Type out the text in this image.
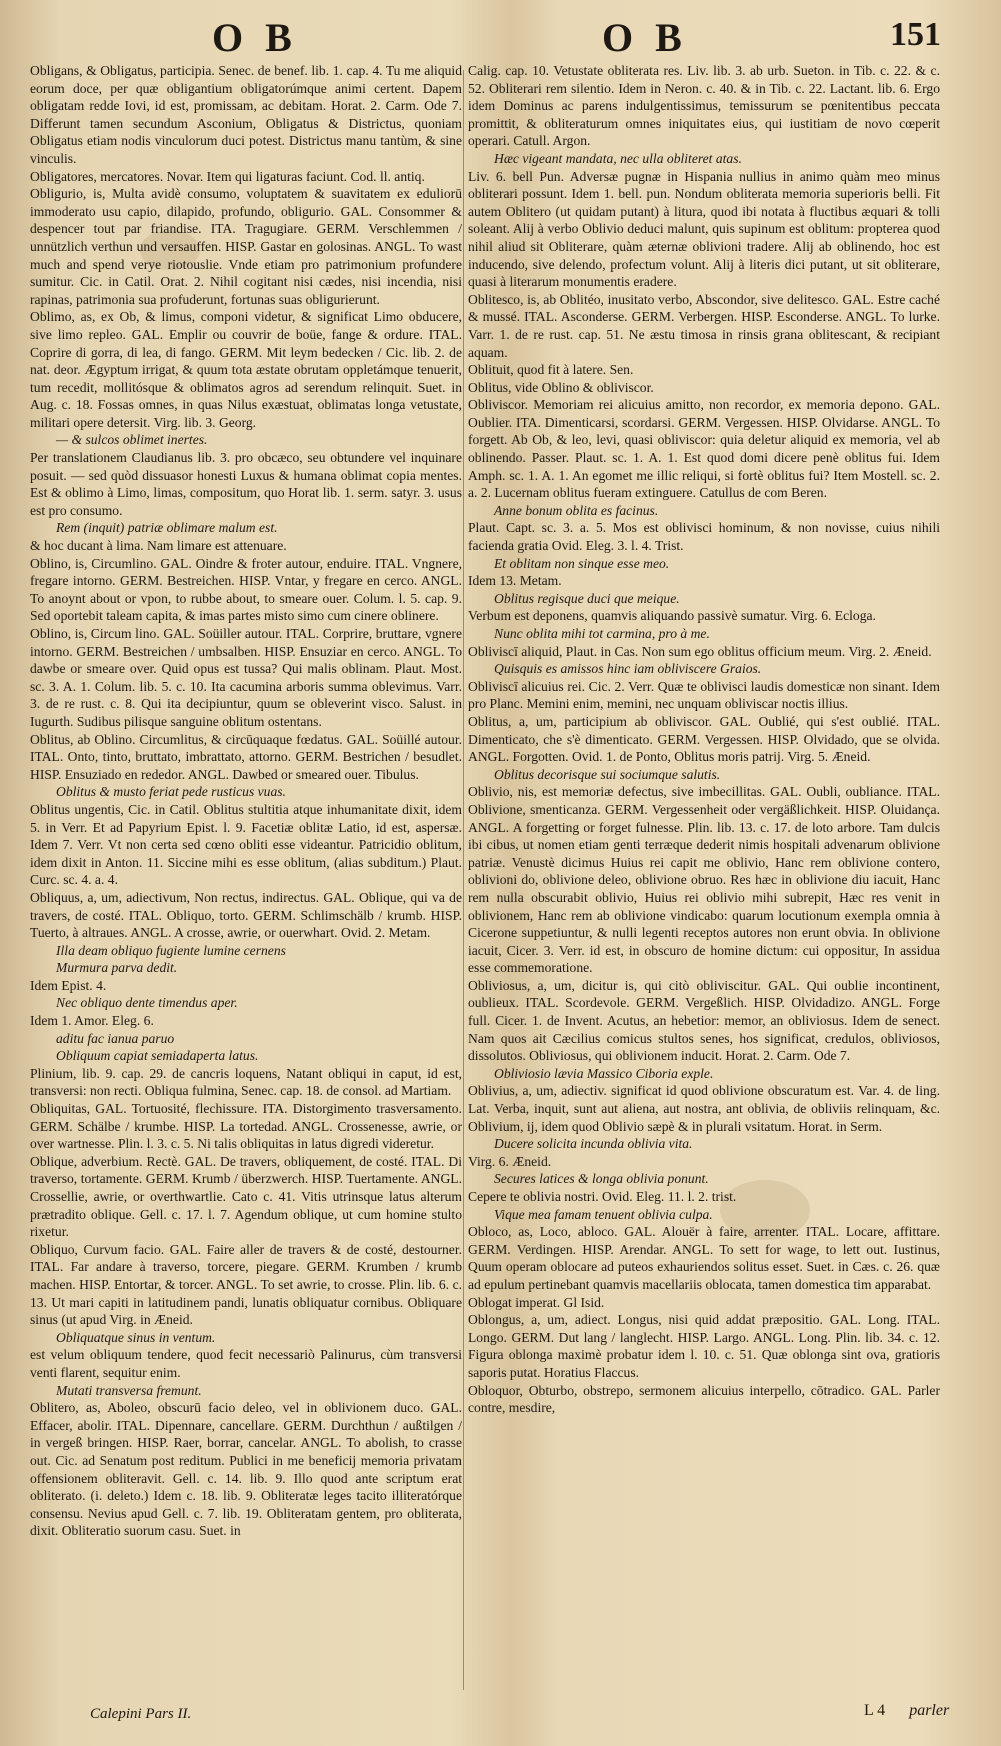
O B	O B	151

Obligans, & Obligatus, participia. Senec. de benef. lib. 1. cap. 4. Tu me aliquid eorum doce, per quæ obligantium obligatorúmque animi certent. Dapem obligatam redde Iovi, id est, promissam, ac debitam. Horat. 2. Carm. Ode 7. Differunt tamen secundum Asconium, Obligatus & Districtus, quoniam Obligatus etiam nodis vinculorum duci potest. Districtus manu tantùm, & sine vinculis.

Obligatores, mercatores. Novar. Item qui ligaturas faciunt. Cod. ll. antiq.

Obligurio, is, Multa avidè consumo, voluptatem & suavitatem ex eduliorū immoderato usu capio, dilapido, profundo, obligurio. GAL. Consommer & despencer tout par friandise. ITA. Tragugiare. GERM. Verschlemmen / unnützlich verthun und versauffen. HISP. Gastar en golosinas. ANGL. To wast much and spend verye riotouslie. Vnde etiam pro patrimonium profundere sumitur. Cic. in Catil. Orat. 2. Nihil cogitant nisi cædes, nisi incendia, nisi rapinas, patrimonia sua profuderunt, fortunas suas obligurierunt.

Oblimo, as, ex Ob, & limus, componi videtur, & significat Limo obducere, sive limo repleo. GAL. Emplir ou couvrir de boüe, fange & ordure. ITAL. Coprire di gorra, di lea, di fango. GERM. Mit leym bedecken / Cic. lib. 2. de nat. deor. Ægyptum irrigat, & quum tota æstate obrutam oppletámque tenuerit, tum recedit, mollitósque & oblimatos agros ad serendum relinquit. Suet. in Aug. c. 18. Fossas omnes, in quas Nilus exæstuat, oblimatas longa vetustate, militari opere detersit. Virg. lib. 3. Georg.

— & sulcos oblimet inertes.

Per translationem Claudianus lib. 3. pro obcæco, seu obtundere vel inquinare posuit. — sed quòd dissuasor honesti Luxus & humana oblimat copia mentes. Est & oblimo à Limo, limas, compositum, quo Horat lib. 1. serm. satyr. 3. usus est pro consumo.

Rem (inquit) patriæ oblimare malum est.

& hoc ducant à lima. Nam limare est attenuare.

Oblino, is, Circumlino. GAL. Oindre & froter autour, enduire. ITAL. Vngnere, fregare intorno. GERM. Bestreichen. HISP. Vntar, y fregare en cerco. ANGL. To anoynt about or vpon, to rubbe about, to smeare ouer. Colum. l. 5. cap. 9. Sed oportebit taleam capita, & imas partes misto simo cum cinere oblinere.

Oblino, is, Circum lino. GAL. Soüiller autour. ITAL. Corprire, bruttare, vgnere intorno. GERM. Bestreichen / umbsalben. HISP. Ensuziar en cerco. ANGL. To dawbe or smeare over. Quid opus est tussa? Qui malis oblinam. Plaut. Most. sc. 3. A. 1. Colum. lib. 5. c. 10. Ita cacumina arboris summa oblevimus. Varr. 3. de re rust. c. 8. Qui ita decipiuntur, quum se obleverint visco. Salust. in Iugurth. Sudibus pilisque sanguine oblitum ostentans.

Oblitus, ab Oblino. Circumlitus, & circūquaque fœdatus. GAL. Soüillé autour. ITAL. Onto, tinto, bruttato, imbrattato, attorno. GERM. Bestrichen / besudlet. HISP. Ensuziado en rededor. ANGL. Dawbed or smeared ouer. Tibulus.

Oblitus & musto feriat pede rusticus vuas.

Oblitus ungentis, Cic. in Catil. Oblitus stultitia atque inhumanitate dixit, idem 5. in Verr. Et ad Papyrium Epist. l. 9. Facetiæ oblitæ Latio, id est, aspersæ. Idem 7. Verr. Vt non certa sed cœno obliti esse videantur. Patricidio oblitum, idem dixit in Anton. 11. Siccine mihi es esse oblitum, (alias subditum.) Plaut. Curc. sc. 4. a. 4.

Obliquus, a, um, adiectivum, Non rectus, indirectus. GAL. Oblique, qui va de travers, de costé. ITAL. Obliquo, torto. GERM. Schlimschälb / krumb. HISP. Tuerto, à altraues. ANGL. A crosse, awrie, or ouerwhart. Ovid. 2. Metam.

Illa deam obliquo fugiente lumine cernens

Murmura parva dedit.

Idem Epist. 4.

Nec obliquo dente timendus aper.

Idem 1. Amor. Eleg. 6.

aditu fac ianua paruo

Obliquum capiat semiadaperta latus.

Plinium, lib. 9. cap. 29. de cancris loquens, Natant obliqui in caput, id est, transversi: non recti. Obliqua fulmina, Senec. cap. 18. de consol. ad Martiam.

Obliquitas, GAL. Tortuosité, flechissure. ITA. Distorgimento trasversamento. GERM. Schälbe / krumbe. HISP. La tortedad. ANGL. Crossenesse, awrie, or over wartnesse. Plin. l. 3. c. 5. Ni talis obliquitas in latus digredi videretur.

Oblique, adverbium. Rectè. GAL. De travers, obliquement, de costé. ITAL. Di traverso, tortamente. GERM. Krumb / überzwerch. HISP. Tuertamente. ANGL. Crossellie, awrie, or overthwartlie. Cato c. 41. Vitis utrinsque latus alterum prætradito oblique. Gell. c. 17. l. 7. Agendum oblique, ut cum homine stulto rixetur.

Obliquo, Curvum facio. GAL. Faire aller de travers & de costé, destourner. ITAL. Far andare à traverso, torcere, piegare. GERM. Krumben / krumb machen. HISP. Entortar, & torcer. ANGL. To set awrie, to crosse. Plin. lib. 6. c. 13. Ut mari capiti in latitudinem pandi, lunatis obliquatur cornibus. Obliquare sinus (ut apud Virg. in Æneid.

Obliquatque sinus in ventum.

est velum obliquum tendere, quod fecit necessariò Palinurus, cùm transversi venti flarent, sequitur enim.

Mutati transversa fremunt.

Oblitero, as, Aboleo, obscurū facio deleo, vel in oblivionem duco. GAL. Effacer, abolir. ITAL. Dipennare, cancellare. GERM. Durchthun / außtilgen / in vergeß bringen. HISP. Raer, borrar, cancelar. ANGL. To abolish, to crasse out. Cic. ad Senatum post reditum. Publici in me beneficij memoria privatam offensionem obliteravit. Gell. c. 14. lib. 9. Illo quod ante scriptum erat obliterato. (i. deleto.) Idem c. 18. lib. 9. Obliteratæ leges tacito illiteratórque consensu. Nevius apud Gell. c. 7. lib. 19. Obliteratam gentem, pro obliterata, dixit. Obliteratio suorum casu. Suet. in

Calig. cap. 10. Vetustate obliterata res. Liv. lib. 3. ab urb. Sueton. in Tib. c. 22. & c. 52. Obliterari rem silentio. Idem in Neron. c. 40. & in Tib. c. 22. Lactant. lib. 6. Ergo idem Dominus ac parens indulgentissimus, temissurum se pœnitentibus peccata promittit, & obliteraturum omnes iniquitates eius, qui iustitiam de novo cœperit operari. Catull. Argon.

Hæc vigeant mandata, nec ulla obliteret atas.

Liv. 6. bell Pun. Adversæ pugnæ in Hispania nullius in animo quàm meo minus obliterari possunt. Idem 1. bell. pun. Nondum obliterata memoria superioris belli. Fit autem Oblitero (ut quidam putant) à litura, quod ibi notata à fluctibus æquari & tolli soleant. Alij à verbo Oblivio deduci malunt, quis supinum est oblitum: propterea quod nihil aliud sit Obliterare, quàm æternæ oblivioni tradere. Alij ab oblinendo, hoc est inducendo, sive delendo, profectum volunt. Alij à literis dici putant, ut sit obliterare, quasi à literarum monumentis eradere.

Oblitesco, is, ab Oblitéo, inusitato verbo, Abscondor, sive delitesco. GAL. Estre caché & mussé. ITAL. Asconderse. GERM. Verbergen. HISP. Esconderse. ANGL. To lurke. Varr. 1. de re rust. cap. 51. Ne æstu timosa in rinsis grana oblitescant, & recipiant aquam.

Oblituit, quod fit à latere. Sen.

Oblitus, vide Oblino & obliviscor.

Obliviscor. Memoriam rei alicuius amitto, non recordor, ex memoria depono. GAL. Oublier. ITA. Dimenticarsi, scordarsi. GERM. Vergessen. HISP. Olvidarse. ANGL. To forgett. Ab Ob, & leo, levi, quasi obliviscor: quia deletur aliquid ex memoria, vel ab oblinendo. Passer. Plaut. sc. 1. A. 1. Est quod domi dicere penè oblitus fui. Idem Amph. sc. 1. A. 1. An egomet me illic reliqui, si fortè oblitus fui? Item Mostell. sc. 2. a. 2. Lucernam oblitus fueram extinguere. Catullus de com Beren.

Anne bonum oblita es facinus.

Plaut. Capt. sc. 3. a. 5. Mos est oblivisci hominum, & non novisse, cuius nihili facienda gratia Ovid. Eleg. 3. l. 4. Trist.

Et oblitam non sinque esse meo.

Idem 13. Metam.

Oblitus regisque duci que meique.

Verbum est deponens, quamvis aliquando passivè sumatur. Virg. 6. Ecloga.

Nunc oblita mihi tot carmina, pro à me.

Obliviscī aliquid, Plaut. in Cas. Non sum ego oblitus officium meum. Virg. 2. Æneid.

Quisquis es amissos hinc iam obliviscere Graios.

Obliviscī alicuius rei. Cic. 2. Verr. Quæ te oblivisci laudis domesticæ non sinant. Idem pro Planc. Memini enim, memini, nec unquam obliviscar noctis illius.

Oblitus, a, um, participium ab obliviscor. GAL. Oublié, qui s'est oublié. ITAL. Dimenticato, che s'è dimenticato. GERM. Vergessen. HISP. Olvidado, que se olvida. ANGL. Forgotten. Ovid. 1. de Ponto, Oblitus moris patrij. Virg. 5. Æneid.

Oblitus decorisque sui sociumque salutis.

Oblivio, nis, est memoriæ defectus, sive imbecillitas. GAL. Oubli, oubliance. ITAL. Oblivione, smenticanza. GERM. Vergessenheit oder vergäßlichkeit. HISP. Oluidança. ANGL. A forgetting or forget fulnesse. Plin. lib. 13. c. 17. de loto arbore. Tam dulcis ibi cibus, ut nomen etiam genti terræque dederit nimis hospitali advenarum oblivione patriæ. Venustè dicimus Huius rei capit me oblivio, Hanc rem oblivione contero, oblivioni do, oblivione deleo, oblivione obruo. Res hæc in oblivione diu iacuit, Hanc rem nulla obscurabit oblivio, Huius rei oblivio mihi subrepit, Hæc res venit in oblivionem, Hanc rem ab oblivione vindicabo: quarum locutionum exempla omnia à Cicerone suppetiuntur, & nulli legenti receptos autores non erunt obvia. In oblivione iacuit, Cicer. 3. Verr. id est, in obscuro de homine dictum: cui oppositur, In assidua esse commemoratione.

Obliviosus, a, um, dicitur is, qui citò obliviscitur. GAL. Qui oublie incontinent, oublieux. ITAL. Scordevole. GERM. Vergeßlich. HISP. Olvidadizo. ANGL. Forge full. Cicer. 1. de Invent. Acutus, an hebetior: memor, an obliviosus. Idem de senect. Nam quos ait Cæcilius comicus stultos senes, hos significat, credulos, obliviosos, dissolutos. Obliviosus, qui oblivionem inducit. Horat. 2. Carm. Ode 7.

Obliviosio lævia Massico Ciboria exple.

Oblivius, a, um, adiectiv. significat id quod oblivione obscuratum est. Var. 4. de ling. Lat. Verba, inquit, sunt aut aliena, aut nostra, ant oblivia, de obliviis relinquam, &c. Oblivium, ij, idem quod Oblivio sæpè & in plurali vsitatum. Horat. in Serm.

Ducere solicita incunda oblivia vita.

Virg. 6. Æneid.

Secures latices & longa oblivia ponunt.

Cepere te oblivia nostri. Ovid. Eleg. 11. l. 2. trist.

Vique mea famam tenuent oblivia culpa.

Obloco, as, Loco, abloco. GAL. Alouër à faire, arrenter. ITAL. Locare, affittare. GERM. Verdingen. HISP. Arendar. ANGL. To sett for wage, to lett out. Iustinus, Quum operam oblocare ad puteos exhauriendos solitus esset. Suet. in Cæs. c. 26. quæ ad epulum pertinebant quamvis macellariis oblocata, tamen domestica tim apparabat.

Oblogat imperat. Gl Isid.

Oblongus, a, um, adiect. Longus, nisi quid addat præpositio. GAL. Long. ITAL. Longo. GERM. Dut lang / langlecht. HISP. Largo. ANGL. Long. Plin. lib. 34. c. 12. Figura oblonga maximè probatur idem l. 10. c. 51. Quæ oblonga sint ova, gratioris saporis putat. Horatius Flaccus.

Obloquor, Obturbo, obstrepo, sermonem alicuius interpello, cōtradico. GAL. Parler contre, mesdire,

Calepini Pars II.	L 4 parler
